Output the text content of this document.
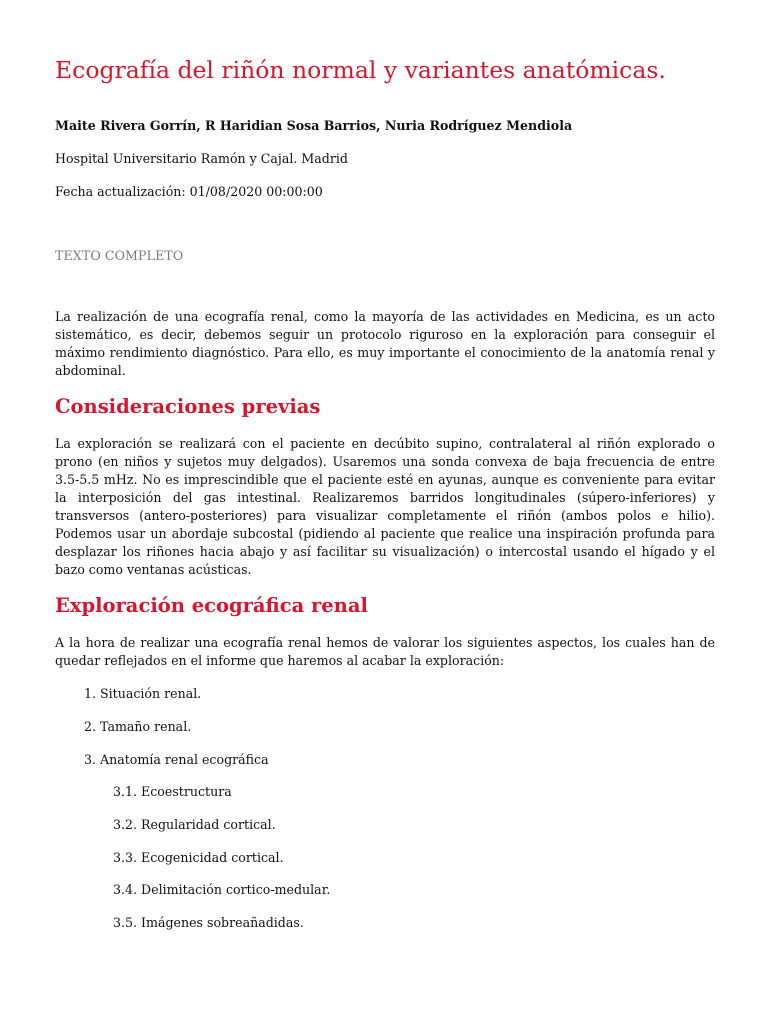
Ecografía del riñón normal y variantes anatómicas.
Maite Rivera Gorrín, R Haridian Sosa Barrios, Nuria Rodríguez Mendiola
Hospital Universitario Ramón y Cajal. Madrid
Fecha actualización: 01/08/2020 00:00:00
TEXTO COMPLETO

La realización de una ecografía renal, como la mayoría de las actividades en Medicina, es un acto sistemático, es decir, debemos seguir un protocolo riguroso en la exploración para conseguir el máximo rendimiento diagnóstico. Para ello, es muy importante el conocimiento de la anatomía renal y abdominal.

Consideraciones previas

La exploración se realizará con el paciente en decúbito supino, contralateral al riñón explorado o prono (en niños y sujetos muy delgados). Usaremos una sonda convexa de baja frecuencia de entre 3.5-5.5 mHz. No es imprescindible que el paciente esté en ayunas, aunque es conveniente para evitar la interposición del gas intestinal. Realizaremos barridos longitudinales (súpero-inferiores) y transversos (antero-posteriores) para visualizar completamente el riñón (ambos polos e hilio). Podemos usar un abordaje subcostal (pidiendo al paciente que realice una inspiración profunda para desplazar los riñones hacia abajo y así facilitar su visualización) o intercostal usando el hígado y el bazo como ventanas acústicas.

Exploración ecográfica renal

A la hora de realizar una ecografía renal hemos de valorar los siguientes aspectos, los cuales han de quedar reflejados en el informe que haremos al acabar la exploración:

1. Situación renal.
2. Tamaño renal.
3. Anatomía renal ecográfica
3.1. Ecoestructura
3.2. Regularidad cortical.
3.3. Ecogenicidad cortical.
3.4. Delimitación cortico-medular.
3.5. Imágenes sobreañadidas.
